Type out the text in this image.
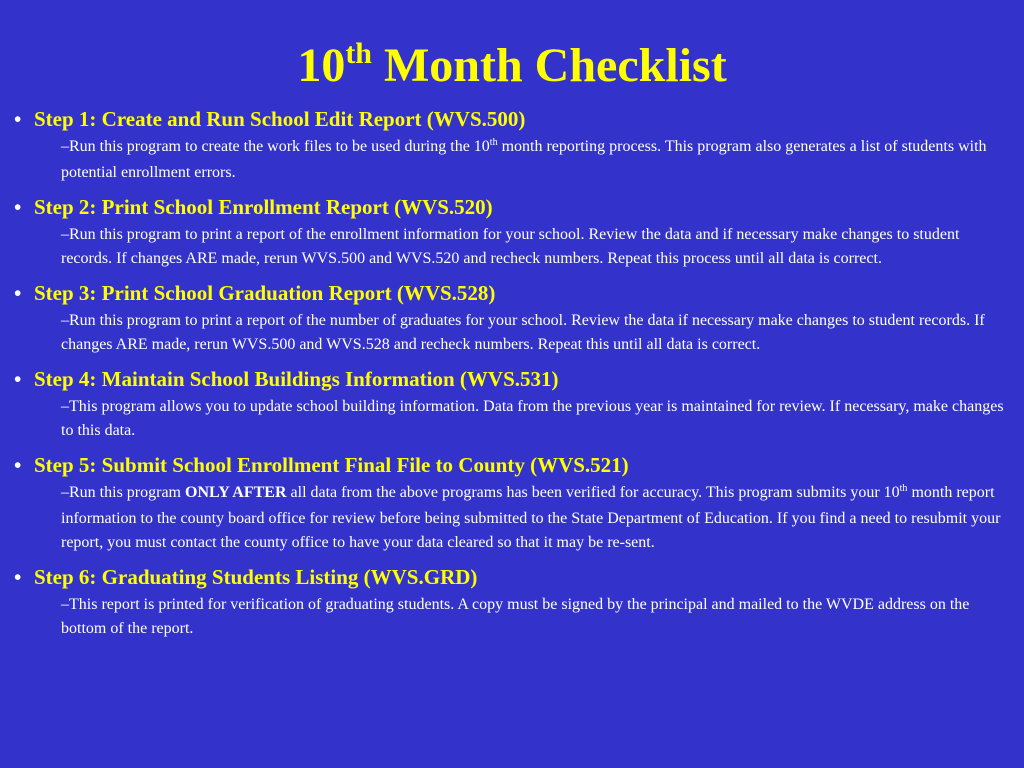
10th Month Checklist
• Step 1: Create and Run School Edit Report (WVS.500)
–Run this program to create the work files to be used during the 10th month reporting process. This program also generates a list of students with potential enrollment errors.
• Step 2: Print School Enrollment Report (WVS.520)
–Run this program to print a report of the enrollment information for your school. Review the data and if necessary make changes to student records. If changes ARE made, rerun WVS.500 and WVS.520 and recheck numbers. Repeat this process until all data is correct.
• Step 3: Print School Graduation Report (WVS.528)
–Run this program to print a report of the number of graduates for your school. Review the data if necessary make changes to student records. If changes ARE made, rerun WVS.500 and WVS.528 and recheck numbers. Repeat this until all data is correct.
• Step 4: Maintain School Buildings Information (WVS.531)
–This program allows you to update school building information. Data from the previous year is maintained for review. If necessary, make changes to this data.
• Step 5: Submit School Enrollment Final File to County (WVS.521)
–Run this program ONLY AFTER all data from the above programs has been verified for accuracy. This program submits your 10th month report information to the county board office for review before being submitted to the State Department of Education. If you find a need to resubmit your report, you must contact the county office to have your data cleared so that it may be re-sent.
• Step 6: Graduating Students Listing (WVS.GRD)
–This report is printed for verification of graduating students. A copy must be signed by the principal and mailed to the WVDE address on the bottom of the report.
